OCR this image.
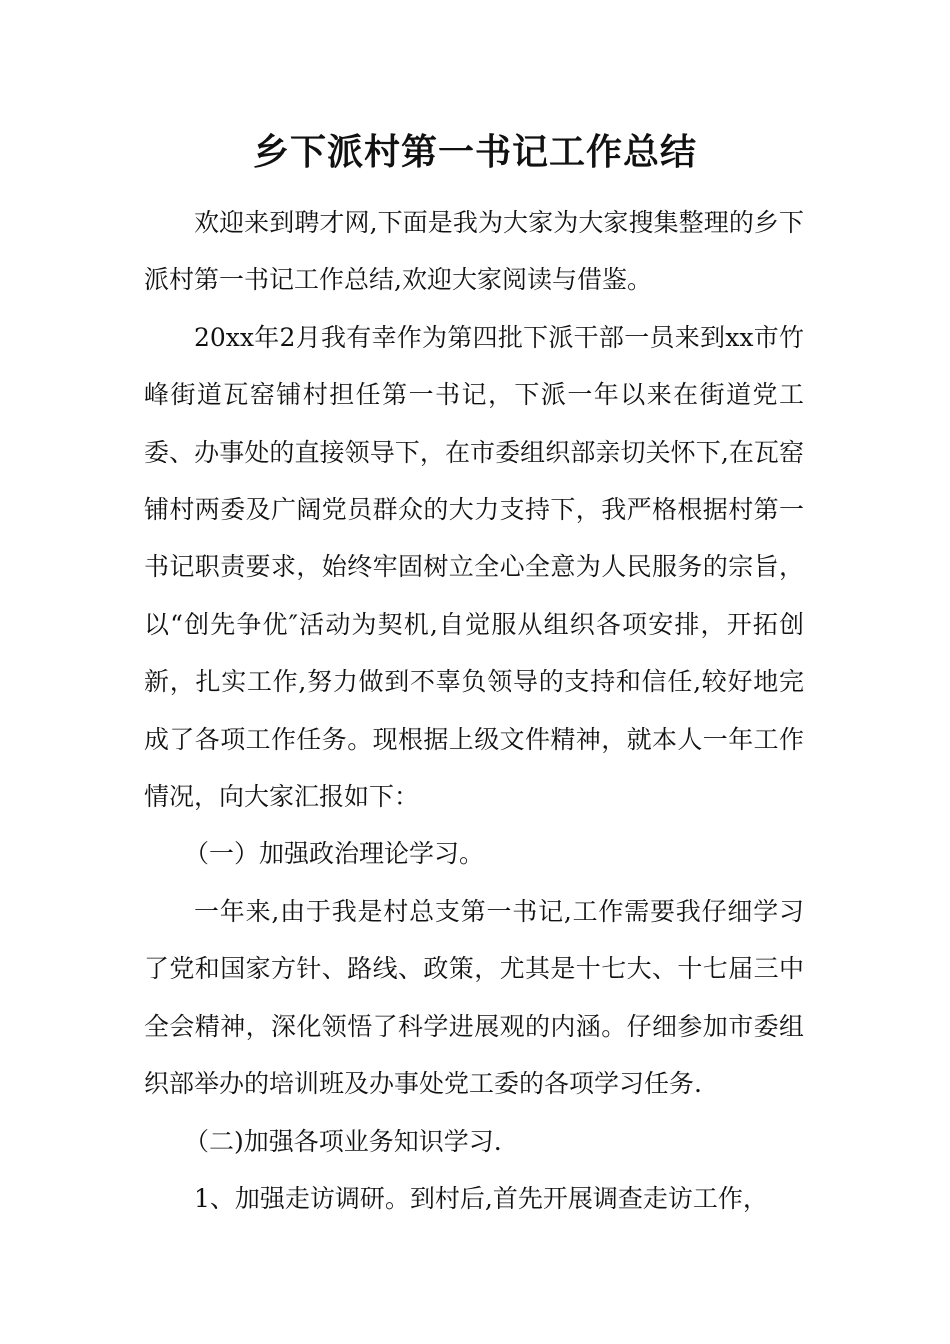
乡下派村第一书记工作总结

欢迎来到聘才网,下面是我为大家为大家搜集整理的乡下派村第一书记工作总结,欢迎大家阅读与借鉴。

20xx年2月我有幸作为第四批下派干部一员来到xx市竹峰街道瓦窑铺村担任第一书记，下派一年以来在街道党工委、办事处的直接领导下，在市委组织部亲切关怀下,在瓦窑铺村两委及广阔党员群众的大力支持下，我严格根据村第一书记职责要求，始终牢固树立全心全意为人民服务的宗旨，以“创先争优″活动为契机,自觉服从组织各项安排，开拓创新，扎实工作,努力做到不辜负领导的支持和信任,较好地完成了各项工作任务。现根据上级文件精神，就本人一年工作情况，向大家汇报如下：

（一）加强政治理论学习。

一年来,由于我是村总支第一书记,工作需要我仔细学习了党和国家方针、路线、政策，尤其是十七大、十七届三中全会精神，深化领悟了科学进展观的内涵。仔细参加市委组织部举办的培训班及办事处党工委的各项学习任务.

（二)加强各项业务知识学习.

1、加强走访调研。到村后,首先开展调查走访工作，
